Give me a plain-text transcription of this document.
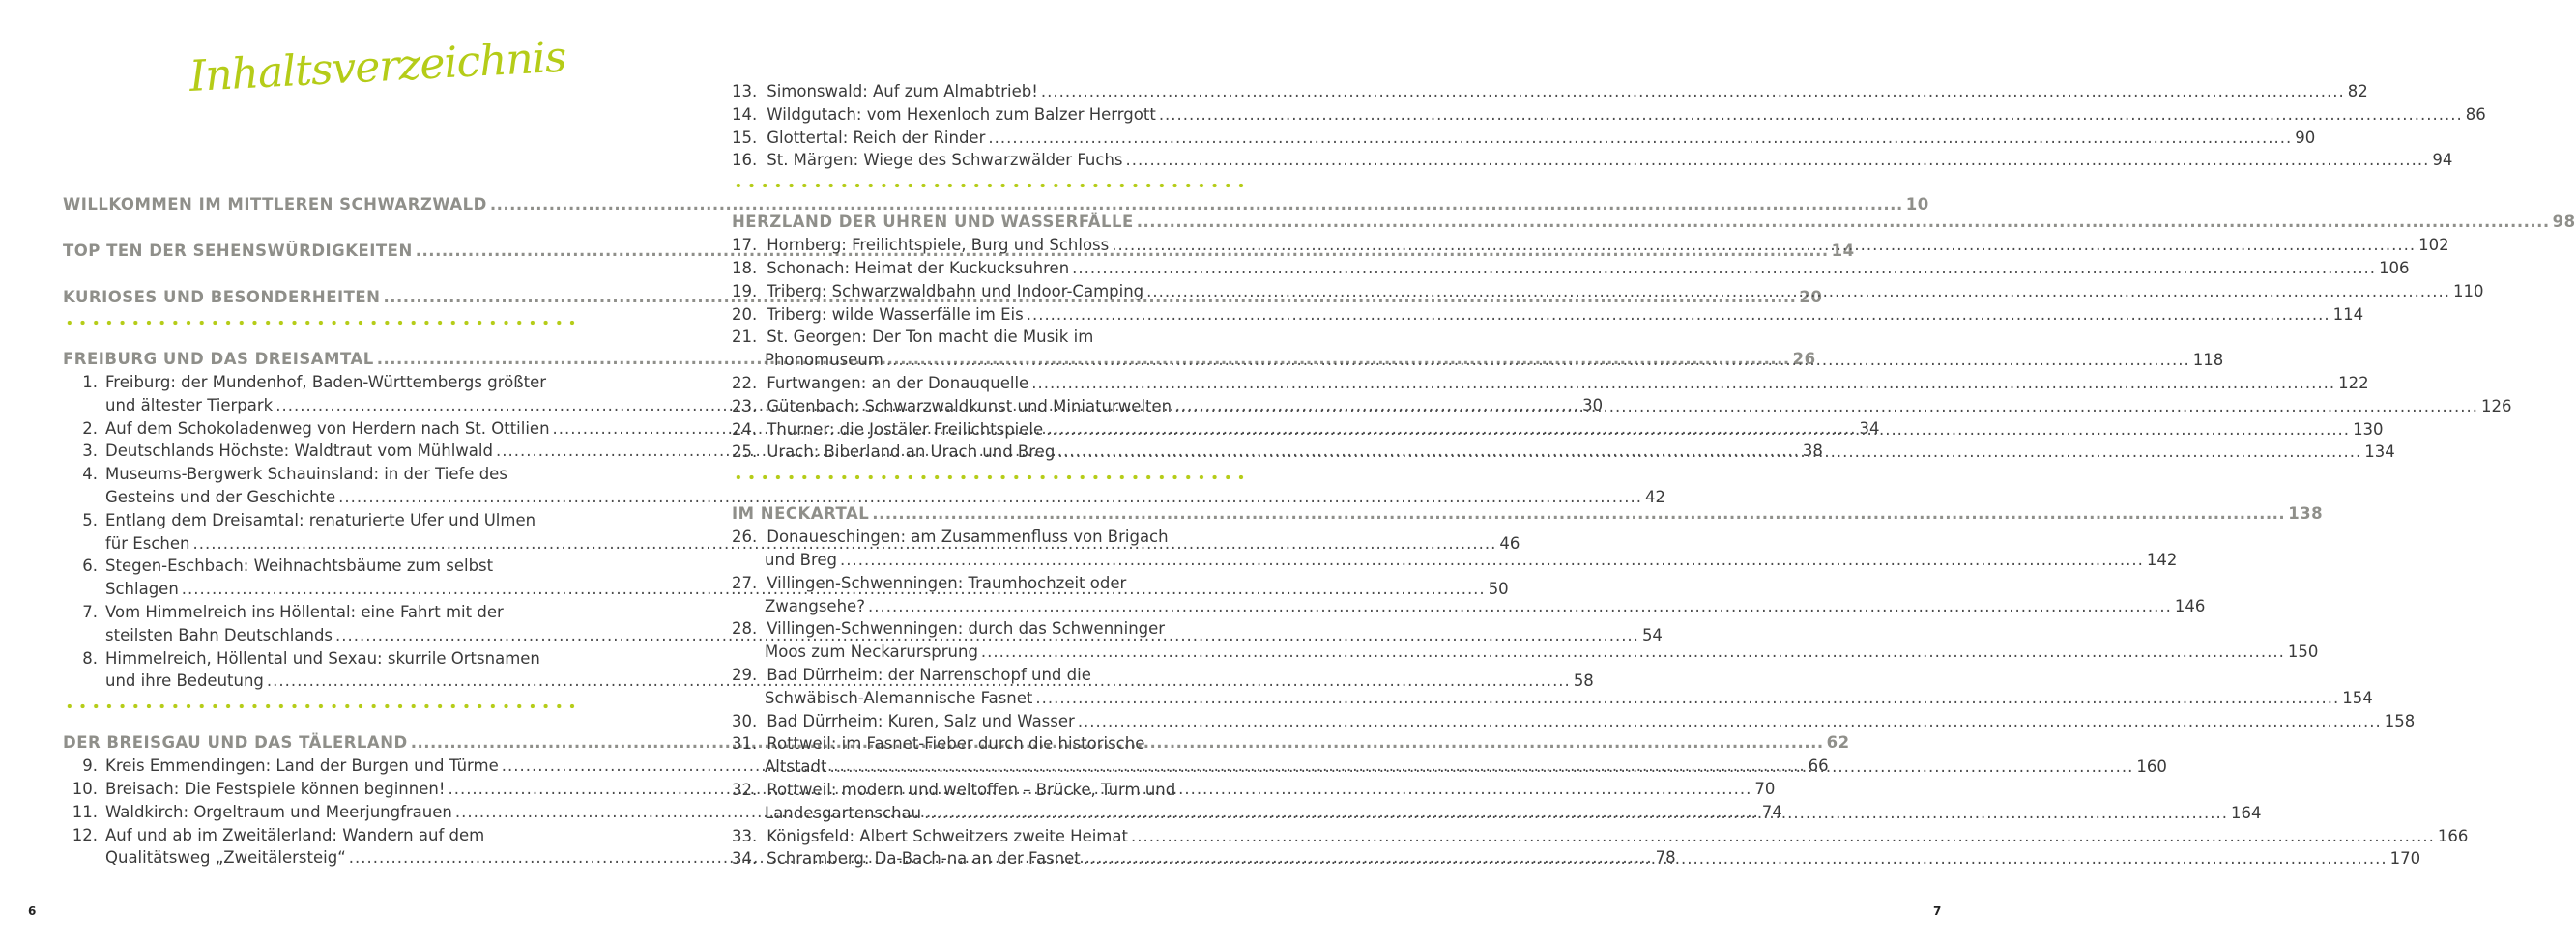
Inhaltsverzeichnis
WILLKOMMEN IM MITTLEREN SCHWARZWALD .....	10
TOP TEN DER SEHENSWÜRDIGKEITEN .....	14
KURIOSES UND BESONDERHEITEN .....	20
FREIBURG UND DAS DREISAMTAL .....	26
1. Freiburg: der Mundenhof, Baden-Württembergs größter
und ältester Tierpark .....	30
2. Auf dem Schokoladenweg von Herdern nach St. Ottilien .....	34
3. Deutschlands Höchste: Waldtraut vom Mühlwald .....	38
4. Museums-Bergwerk Schauinsland: in der Tiefe des
Gesteins und der Geschichte .....	42
5. Entlang dem Dreisamtal: renaturierte Ufer und Ulmen
für Eschen .....	46
6. Stegen-Eschbach: Weihnachtsbäume zum selbst
Schlagen .....	50
7. Vom Himmelreich ins Höllental: eine Fahrt mit der
steilsten Bahn Deutschlands .....	54
8. Himmelreich, Höllental und Sexau: skurrile Ortsnamen
und ihre Bedeutung .....	58
DER BREISGAU UND DAS TÄLERLAND .....	62
9. Kreis Emmendingen: Land der Burgen und Türme .....	66
10. Breisach: Die Festspiele können beginnen! .....	70
11. Waldkirch: Orgeltraum und Meerjungfrauen .....	74
12. Auf und ab im Zweitälerland: Wandern auf dem
Qualitätsweg „Zweitälersteig“ .....	78
6
13. Simonswald: Auf zum Almabtrieb! .....	82
14. Wildgutach: vom Hexenloch zum Balzer Herrgott .....	86
15. Glottertal: Reich der Rinder .....	90
16. St. Märgen: Wiege des Schwarzwälder Fuchs .....	94
HERZLAND DER UHREN UND WASSERFÄLLE .....	98
17. Hornberg: Freilichtspiele, Burg und Schloss .....	102
18. Schonach: Heimat der Kuckucksuhren .....	106
19. Triberg: Schwarzwaldbahn und Indoor-Camping .....	110
20. Triberg: wilde Wasserfälle im Eis .....	114
21. St. Georgen: Der Ton macht die Musik im
Phonomuseum .....	118
22. Furtwangen: an der Donauquelle .....	122
23. Gütenbach: Schwarzwaldkunst und Miniaturwelten .....	126
24. Thurner: die Jostäler Freilichtspiele .....	130
25. Urach: Biberland an Urach und Breg .....	134
IM NECKARTAL .....	138
26. Donaueschingen: am Zusammenfluss von Brigach
und Breg .....	142
27. Villingen-Schwenningen: Traumhochzeit oder
Zwangsehe? .....	146
28. Villingen-Schwenningen: durch das Schwenninger
Moos zum Neckarursprung .....	150
29. Bad Dürrheim: der Narrenschopf und die
Schwäbisch-Alemannische Fasnet .....	154
30. Bad Dürrheim: Kuren, Salz und Wasser .....	158
31. Rottweil: im Fasnet-Fieber durch die historische
Altstadt .....	160
32. Rottweil: modern und weltoffen – Brücke, Turm und
Landesgartenschau .....	164
33. Königsfeld: Albert Schweitzers zweite Heimat .....	166
34. Schramberg: Da-Bach-na an der Fasnet .....	170
7
